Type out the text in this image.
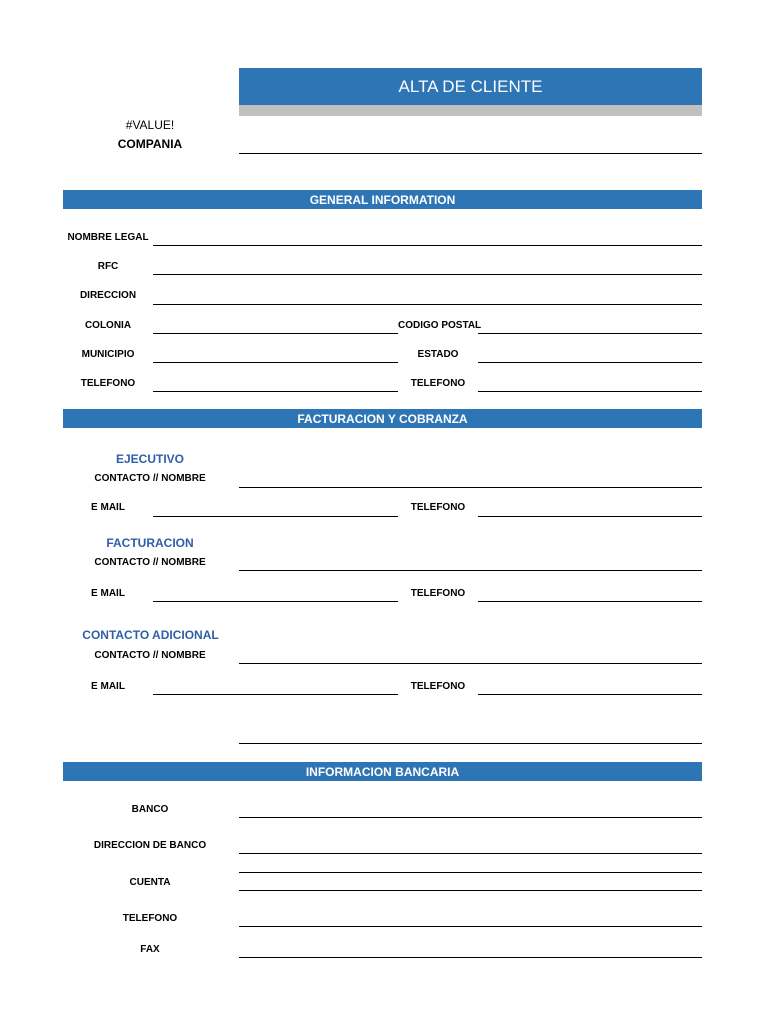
ALTA DE CLIENTE
#VALUE!
COMPANIA
GENERAL INFORMATION
NOMBRE LEGAL
RFC
DIRECCION
COLONIA	CODIGO POSTAL
MUNICIPIO	ESTADO
TELEFONO	TELEFONO
FACTURACION Y COBRANZA
EJECUTIVO
CONTACTO // NOMBRE
E MAIL	TELEFONO
FACTURACION
CONTACTO // NOMBRE
E MAIL	TELEFONO
CONTACTO ADICIONAL
CONTACTO // NOMBRE
E MAIL	TELEFONO
INFORMACION BANCARIA
BANCO
DIRECCION DE BANCO
CUENTA
TELEFONO
FAX
